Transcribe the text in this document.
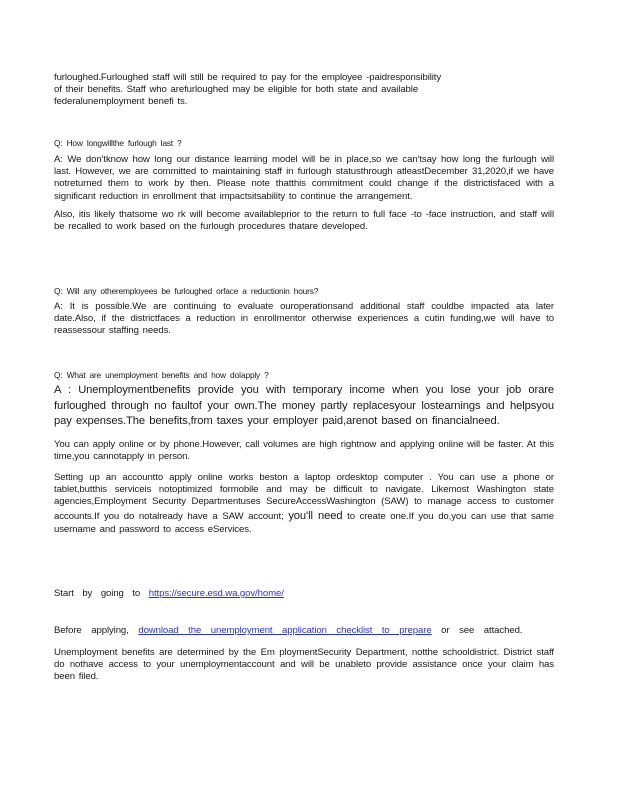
furloughed.Furloughed staff will still be required to pay for the employee -paidresponsibility

of their benefits. Staff who arefurloughed may be eligible for both state and available

federalunemployment benefi ts.

Q: How longwillthe furlough last ?

A: We don'tknow how long our distance learning model will be in place,so we can'tsay how long the furlough will last. However, we are committed to maintaining staff in furlough statusthrough atleastDecember 31,2020,if we have notreturned them to work by then. Please note thatthis commitment could change if the districtisfaced with a significant reduction in enrollment that impactsitsability to continue the arrangement.

Also, itis likely thatsome wo rk will become availableprior to the return to full face -to -face instruction, and staff will be recalled to work based on the furlough procedures thatare developed.

Q: Will any otheremployees be furloughed orface a reductionin hours?

A: It is possible.We are continuing to evaluate ouroperationsand additional staff couldbe impacted ata later date.Also, if the districtfaces a reduction in enrollmentor otherwise experiences a cutin funding,we will have to reassessour staffing needs.

Q: What are unemployment benefits and how doIapply ?

A : Unemploymentbenefits provide you with temporary income when you lose your job orare furloughed through no faultof your own.The money partly replacesyour lostearnings and helpsyou pay expenses.The benefits,from taxes your employer paid,arenot based on financialneed.

You can apply online or by phone.However, call volumes are high rightnow and applying online will be faster. At this time,you cannotapply in person.

Setting up an accountto apply online works beston a laptop ordesktop computer . You can use a phone or tablet,butthis serviceis notoptimized formobile and may be difficult to navigate. Likemost Washington state agencies,Employment Security Departmentuses SecureAccessWashington (SAW) to manage access to customer accounts.If you do notalready have a SAW account; you'll need to create one.If you do,you can use that same username and password to access eServices.

Start by going to https://secure.esd.wa.gov/home/

Before applying, download the unemployment application checklist to prepare or see attached.

Unemployment benefits are determined by the Em ploymentSecurity Department, notthe schooldistrict. District staff do nothave access to your unemploymentaccount and will be unableto provide assistance once your claim has been filed.
